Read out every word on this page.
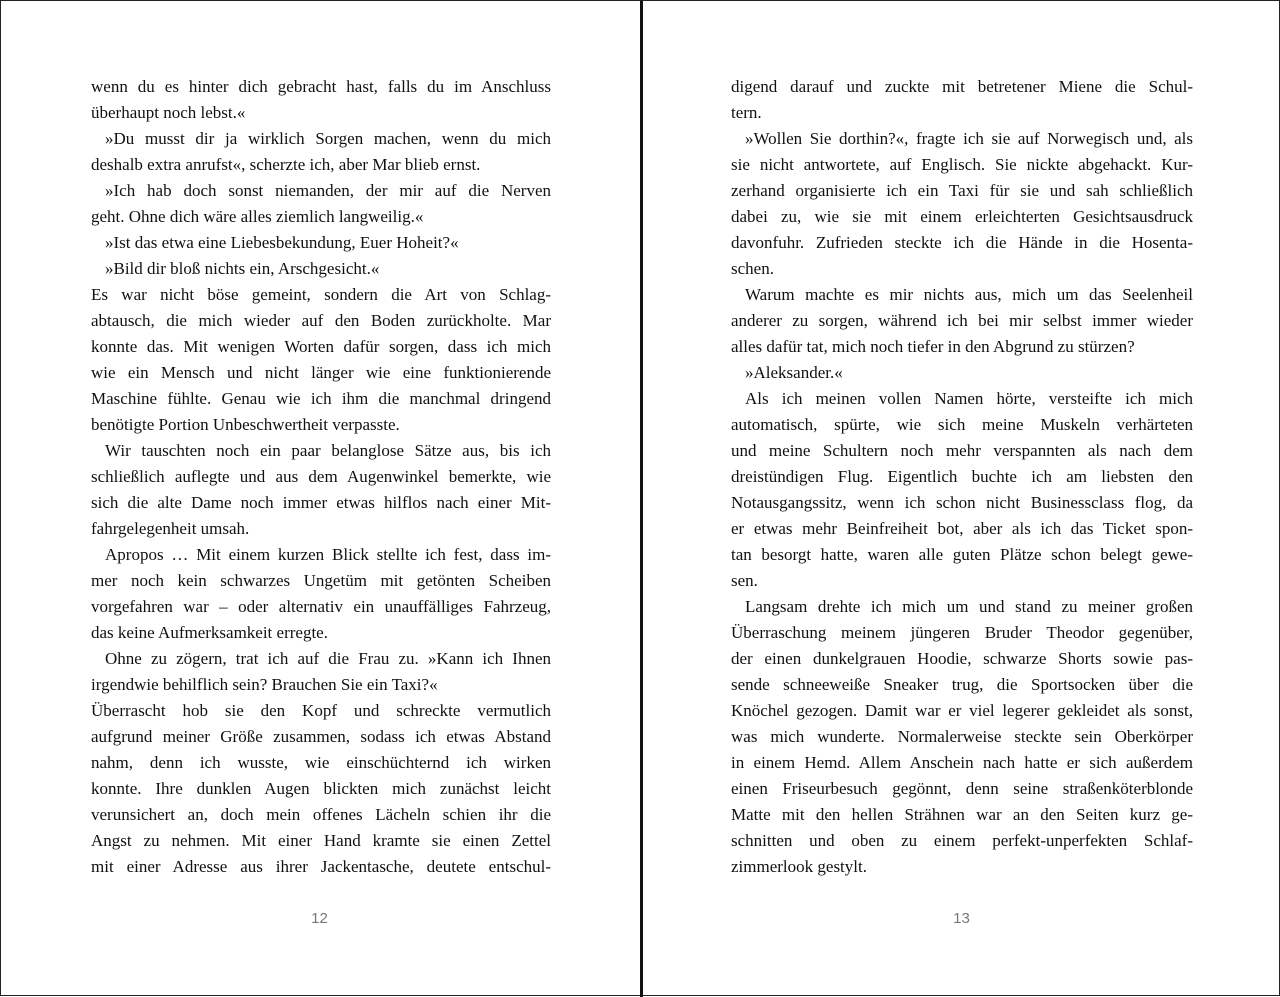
wenn du es hinter dich gebracht hast, falls du im Anschluss
überhaupt noch lebst.«
»Du musst dir ja wirklich Sorgen machen, wenn du mich
deshalb extra anrufst«, scherzte ich, aber Mar blieb ernst.
»Ich hab doch sonst niemanden, der mir auf die Nerven
geht. Ohne dich wäre alles ziemlich langweilig.«
»Ist das etwa eine Liebesbekundung, Euer Hoheit?«
»Bild dir bloß nichts ein, Arschgesicht.«
Es war nicht böse gemeint, sondern die Art von Schlag-
abtausch, die mich wieder auf den Boden zurückholte. Mar
konnte das. Mit wenigen Worten dafür sorgen, dass ich mich
wie ein Mensch und nicht länger wie eine funktionierende
Maschine fühlte. Genau wie ich ihm die manchmal dringend
benötigte Portion Unbeschwertheit verpasste.
Wir tauschten noch ein paar belanglose Sätze aus, bis ich
schließlich auflegte und aus dem Augenwinkel bemerkte, wie
sich die alte Dame noch immer etwas hilflos nach einer Mit-
fahrgelegenheit umsah.
Apropos … Mit einem kurzen Blick stellte ich fest, dass im-
mer noch kein schwarzes Ungetüm mit getönten Scheiben
vorgefahren war – oder alternativ ein unauffälliges Fahrzeug,
das keine Aufmerksamkeit erregte.
Ohne zu zögern, trat ich auf die Frau zu. »Kann ich Ihnen
irgendwie behilflich sein? Brauchen Sie ein Taxi?«
Überrascht hob sie den Kopf und schreckte vermutlich
aufgrund meiner Größe zusammen, sodass ich etwas Abstand
nahm, denn ich wusste, wie einschüchternd ich wirken
konnte. Ihre dunklen Augen blickten mich zunächst leicht
verunsichert an, doch mein offenes Lächeln schien ihr die
Angst zu nehmen. Mit einer Hand kramte sie einen Zettel
mit einer Adresse aus ihrer Jackentasche, deutete entschul-
12
digend darauf und zuckte mit betretener Miene die Schul-
tern.
»Wollen Sie dorthin?«, fragte ich sie auf Norwegisch und, als
sie nicht antwortete, auf Englisch. Sie nickte abgehackt. Kur-
zerhand organisierte ich ein Taxi für sie und sah schließlich
dabei zu, wie sie mit einem erleichterten Gesichtsausdruck
davonfuhr. Zufrieden steckte ich die Hände in die Hosenta-
schen.
Warum machte es mir nichts aus, mich um das Seelenheil
anderer zu sorgen, während ich bei mir selbst immer wieder
alles dafür tat, mich noch tiefer in den Abgrund zu stürzen?
»Aleksander.«
Als ich meinen vollen Namen hörte, versteifte ich mich
automatisch, spürte, wie sich meine Muskeln verhärteten
und meine Schultern noch mehr verspannten als nach dem
dreistündigen Flug. Eigentlich buchte ich am liebsten den
Notausgangssitz, wenn ich schon nicht Businessclass flog, da
er etwas mehr Beinfreiheit bot, aber als ich das Ticket spon-
tan besorgt hatte, waren alle guten Plätze schon belegt gewe-
sen.
Langsam drehte ich mich um und stand zu meiner großen
Überraschung meinem jüngeren Bruder Theodor gegenüber,
der einen dunkelgrauen Hoodie, schwarze Shorts sowie pas-
sende schneeweiße Sneaker trug, die Sportsocken über die
Knöchel gezogen. Damit war er viel legerer gekleidet als sonst,
was mich wunderte. Normalerweise steckte sein Oberkörper
in einem Hemd. Allem Anschein nach hatte er sich außerdem
einen Friseurbesuch gegönnt, denn seine straßenköterblonde
Matte mit den hellen Strähnen war an den Seiten kurz ge-
schnitten und oben zu einem perfekt-unperfekten Schlaf-
zimmerlook gestylt.
13
